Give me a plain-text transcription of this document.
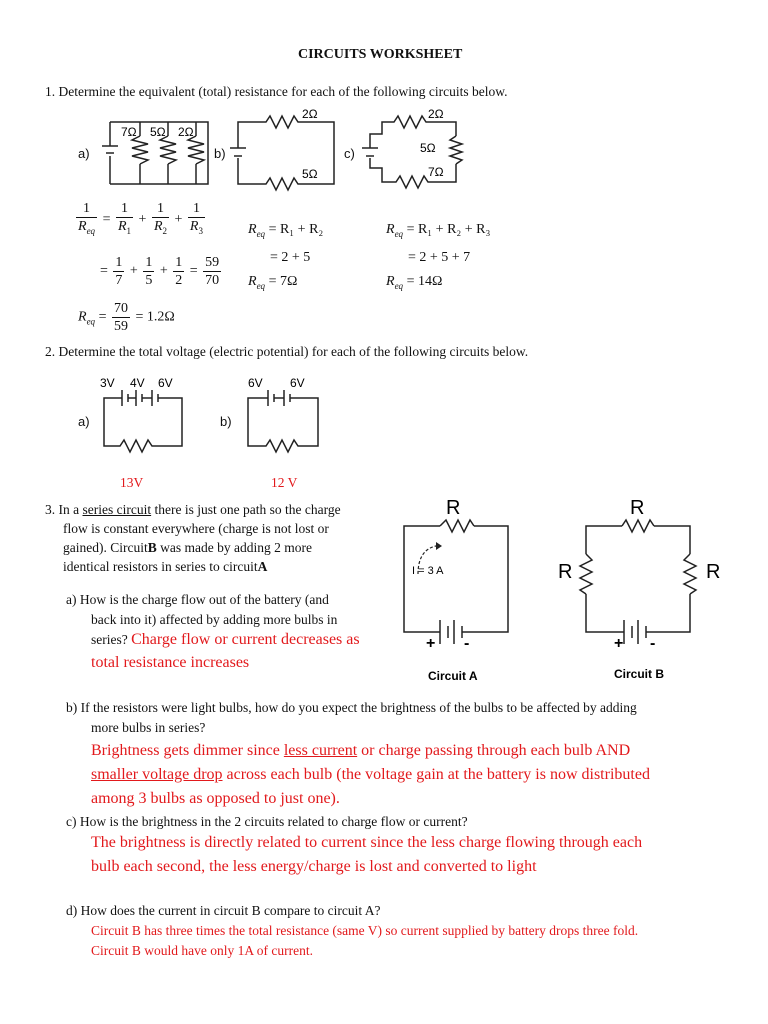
CIRCUITS WORKSHEET
1. Determine the equivalent (total) resistance for each of the following circuits below.
a)
7Ω 5Ω 2Ω
b)
2Ω
5Ω
c)
2Ω
5Ω
7Ω
$\frac{1}{R_{eq}} = \frac{1}{R_1} + \frac{1}{R_2} + \frac{1}{R_3}$
= $\frac{1}{7} + \frac{1}{5} + \frac{1}{2} = \frac{59}{70}$
$R_{eq} = \frac{70}{59} = 1.2\Omega$
$R_{eq} = R_1 + R_2$
= 2 + 5
$R_{eq} = 7\Omega$
$R_{eq} = R_1 + R_2 + R_3$
= 2 + 5 + 7
$R_{eq} = 14\Omega$
2. Determine the total voltage (electric potential) for each of the following circuits below.
a)
3V 4V 6V
13V
b)
6V 6V
12 V
3. In a series circuit there is just one path so the charge
flow is constant everywhere (charge is not lost or
gained). CircuitB was made by adding 2 more
identical resistors in series to circuitA
R
I = 3 A
+ -
Circuit A
R
R	R
+ -
Circuit B
a) How is the charge flow out of the battery (and
back into it) affected by adding more bulbs in
series? Charge flow or current decreases as
total resistance increases
b) If the resistors were light bulbs, how do you expect the brightness of the bulbs to be affected by adding
more bulbs in series?
Brightness gets dimmer since less current or charge passing through each bulb AND
smaller voltage drop across each bulb (the voltage gain at the battery is now distributed
among 3 bulbs as opposed to just one).
c) How is the brightness in the 2 circuits related to charge flow or current?
The brightness is directly related to current since the less charge flowing through each
bulb each second, the less energy/charge is lost and converted to light
d) How does the current in circuit B compare to circuit A?
Circuit B has three times the total resistance (same V) so current supplied by battery drops three fold.
Circuit B would have only 1A of current.
